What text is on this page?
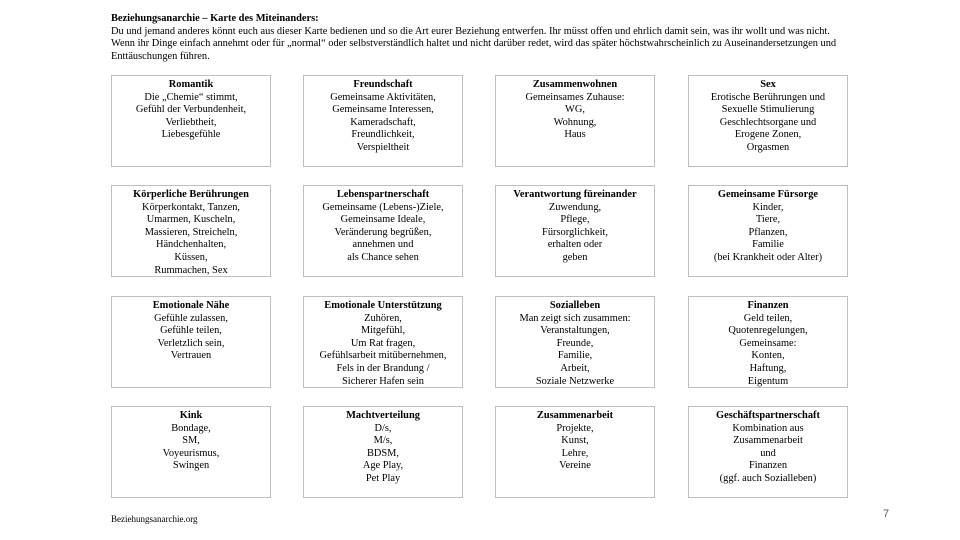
Beziehungsanarchie – Karte des Miteinanders:
Du und jemand anderes könnt euch aus dieser Karte bedienen und so die Art eurer Beziehung entwerfen. Ihr müsst offen und ehrlich damit sein, was ihr wollt und was nicht. Wenn ihr Dinge einfach annehmt oder für „normal“ oder selbstverständlich haltet und nicht darüber redet, wird das später höchstwahrscheinlich zu Auseinandersetzungen und Enttäuschungen führen.
Romantik
Die „Chemie“ stimmt,
Gefühl der Verbundenheit,
Verliebtheit,
Liebesgefühle
Freundschaft
Gemeinsame Aktivitäten,
Gemeinsame Interessen,
Kameradschaft,
Freundlichkeit,
Verspieltheit
Zusammenwohnen
Gemeinsames Zuhause:
WG,
Wohnung,
Haus
Sex
Erotische Berührungen und
Sexuelle Stimulierung
Geschlechtsorgane und
Erogene Zonen,
Orgasmen
Körperliche Berührungen
Körperkontakt, Tanzen,
Umarmen, Kuscheln,
Massieren, Streicheln,
Händchenhalten,
Küssen,
Rummachen, Sex
Lebenspartnerschaft
Gemeinsame (Lebens-)Ziele,
Gemeinsame Ideale,
Veränderung begrüßen,
annehmen und
als Chance sehen
Verantwortung füreinander
Zuwendung,
Pflege,
Fürsorglichkeit,
erhalten oder
geben
Gemeinsame Fürsorge
Kinder,
Tiere,
Pflanzen,
Familie
(bei Krankheit oder Alter)
Emotionale Nähe
Gefühle zulassen,
Gefühle teilen,
Verletzlich sein,
Vertrauen
Emotionale Unterstützung
Zuhören,
Mitgefühl,
Um Rat fragen,
Gefühlsarbeit mitübernehmen,
Fels in der Brandung /
Sicherer Hafen sein
Sozialleben
Man zeigt sich zusammen:
Veranstaltungen,
Freunde,
Familie,
Arbeit,
Soziale Netzwerke
Finanzen
Geld teilen,
Quotenregelungen,
Gemeinsame:
Konten,
Haftung,
Eigentum
Kink
Bondage,
SM,
Voyeurismus,
Swingen
Machtverteilung
D/s,
M/s,
BDSM,
Age Play,
Pet Play
Zusammenarbeit
Projekte,
Kunst,
Lehre,
Vereine
Geschäftspartnerschaft
Kombination aus
Zusammenarbeit
und
Finanzen
(ggf. auch Sozialleben)
Beziehungsanarchie.org	7
